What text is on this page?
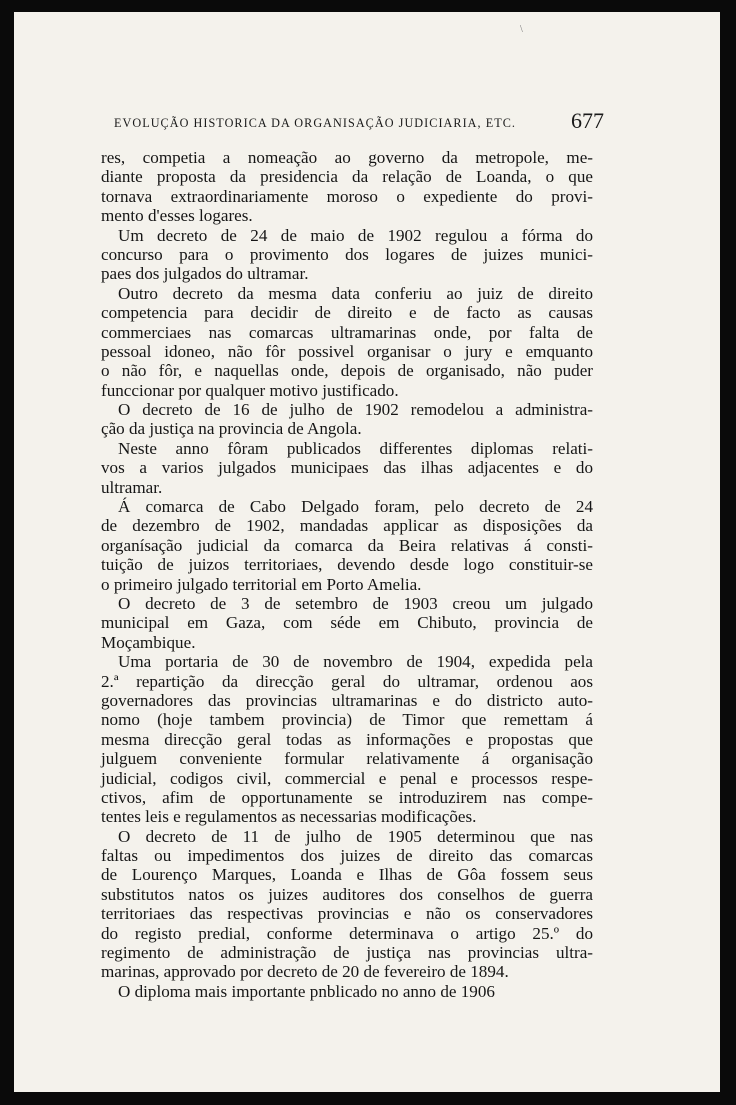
\
EVOLUÇÃO HISTORICA DA ORGANISAÇÃO JUDICIARIA, ETC.	677
res, competia a nomeação ao governo da metropole, me-
diante proposta da presidencia da relação de Loanda, o que
tornava extraordinariamente moroso o expediente do provi-
mento d'esses logares.
Um decreto de 24 de maio de 1902 regulou a fórma do
concurso para o provimento dos logares de juizes munici-
paes dos julgados do ultramar.
Outro decreto da mesma data conferiu ao juiz de direito
competencia para decidir de direito e de facto as causas
commerciaes nas comarcas ultramarinas onde, por falta de
pessoal idoneo, não fôr possivel organisar o jury e emquanto
o não fôr, e naquellas onde, depois de organisado, não puder
funccionar por qualquer motivo justificado.
O decreto de 16 de julho de 1902 remodelou a administra-
ção da justiça na provincia de Angola.
Neste anno fôram publicados differentes diplomas relati-
vos a varios julgados municipaes das ilhas adjacentes e do
ultramar.
Á comarca de Cabo Delgado foram, pelo decreto de 24
de dezembro de 1902, mandadas applicar as disposições da
organísação judicial da comarca da Beira relativas á consti-
tuição de juizos territoriaes, devendo desde logo constituir-se
o primeiro julgado territorial em Porto Amelia.
O decreto de 3 de setembro de 1903 creou um julgado
municipal em Gaza, com séde em Chibuto, provincia de
Moçambique.
Uma portaria de 30 de novembro de 1904, expedida pela
2.ª repartição da direcção geral do ultramar, ordenou aos
governadores das provincias ultramarinas e do districto auto-
nomo (hoje tambem provincia) de Timor que remettam á
mesma direcção geral todas as informações e propostas que
julguem conveniente formular relativamente á organisação
judicial, codigos civil, commercial e penal e processos respe-
ctivos, afim de opportunamente se introduzirem nas compe-
tentes leis e regulamentos as necessarias modificações.
O decreto de 11 de julho de 1905 determinou que nas
faltas ou impedimentos dos juizes de direito das comarcas
de Lourenço Marques, Loanda e Ilhas de Gôa fossem seus
substitutos natos os juizes auditores dos conselhos de guerra
territoriaes das respectivas provincias e não os conservadores
do registo predial, conforme determinava o artigo 25.º do
regimento de administração de justiça nas provincias ultra-
marinas, approvado por decreto de 20 de fevereiro de 1894.
O diploma mais importante pnblicado no anno de 1906
